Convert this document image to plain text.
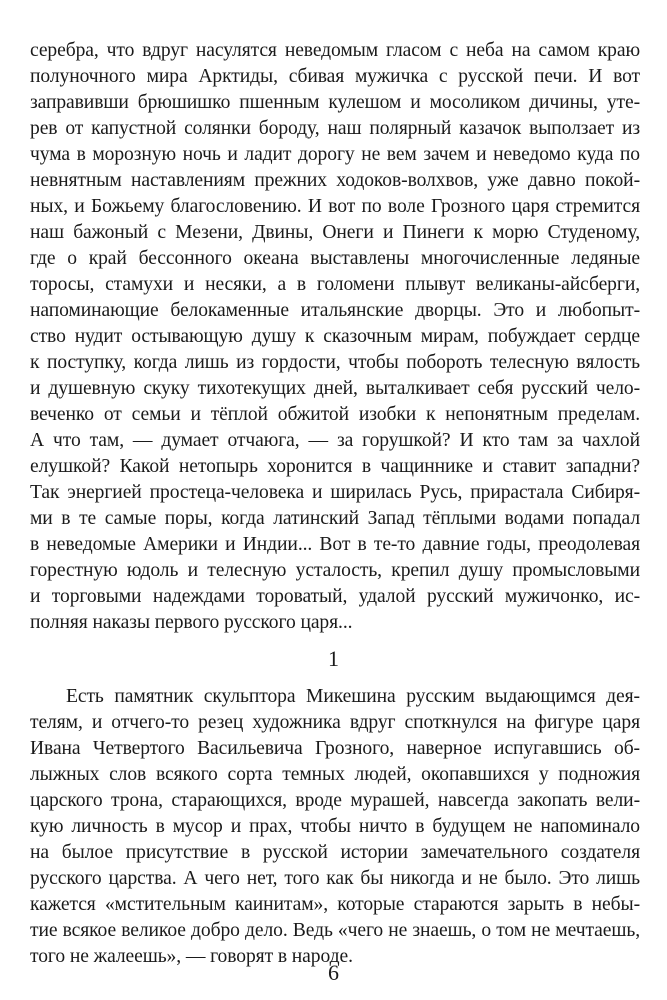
серебра, что вдруг насулятся неведомым гласом с неба на самом краю
полуночного мира Арктиды, сбивая мужичка с русской печи. И вот
заправивши брюшишко пшенным кулешом и мосоликом дичины, уте-
рев от капустной солянки бороду, наш полярный казачок выползает из
чума в морозную ночь и ладит дорогу не вем зачем и неведомо куда по
невнятным наставлениям прежних ходоков-волхвов, уже давно покой-
ных, и Божьему благословению. И вот по воле Грозного царя стремится
наш бажоный с Мезени, Двины, Онеги и Пинеги к морю Студеному,
где о край бессонного океана выставлены многочисленные ледяные
торосы, стамухи и несяки, а в голомени плывут великаны-айсберги,
напоминающие белокаменные итальянские дворцы. Это и любопыт-
ство нудит остывающую душу к сказочным мирам, побуждает сердце
к поступку, когда лишь из гордости, чтобы побороть телесную вялость
и душевную скуку тихотекущих дней, выталкивает себя русский чело-
веченко от семьи и тёплой обжитой изобки к непонятным пределам.
А что там, — думает отчаюга, — за горушкой? И кто там за чахлой
елушкой? Какой нетопырь хоронится в чащиннике и ставит западни?
Так энергией простеца-человека и ширилась Русь, прирастала Сибиря-
ми в те самые поры, когда латинский Запад тёплыми водами попадал
в неведомые Америки и Индии... Вот в те-то давние годы, преодолевая
горестную юдоль и телесную усталость, крепил душу промысловыми
и торговыми надеждами тороватый, удалой русский мужичонко, ис-
полняя наказы первого русского царя...
1
Есть памятник скульптора Микешина русским выдающимся дея-
телям, и отчего-то резец художника вдруг споткнулся на фигуре царя
Ивана Четвертого Васильевича Грозного, наверное испугавшись об-
лыжных слов всякого сорта темных людей, окопавшихся у подножия
царского трона, старающихся, вроде мурашей, навсегда закопать вели-
кую личность в мусор и прах, чтобы ничто в будущем не напоминало
на былое присутствие в русской истории замечательного создателя
русского царства. А чего нет, того как бы никогда и не было. Это лишь
кажется «мстительным каинитам», которые стараются зарыть в небы-
тие всякое великое добро дело. Ведь «чего не знаешь, о том не мечтаешь,
того не жалеешь», — говорят в народе.
6
